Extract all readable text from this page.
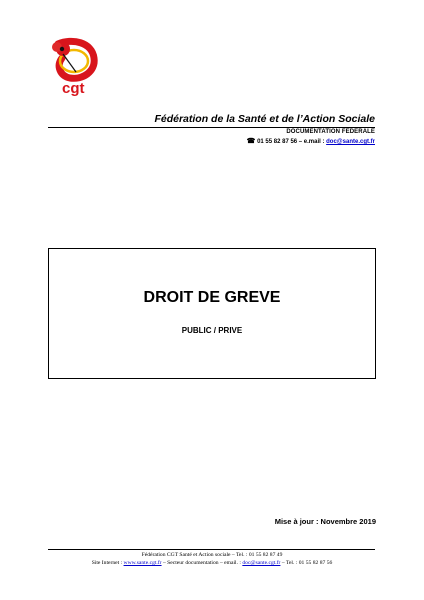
cgt
Fédération de la Santé et de l’Action Sociale
DOCUMENTATION FEDERALE
☎ 01 55 82 87 56 – e.mail : doc@sante.cgt.fr
DROIT DE GREVE
PUBLIC / PRIVE
Mise à jour : Novembre 2019
Fédération CGT Santé et Action sociale – Tel. : 01 55 82 87 49
Site Internet : www.sante.cgt.fr – Secteur documentation – email. : doc@sante.cgt.fr – Tel. : 01 55 82 87 56
